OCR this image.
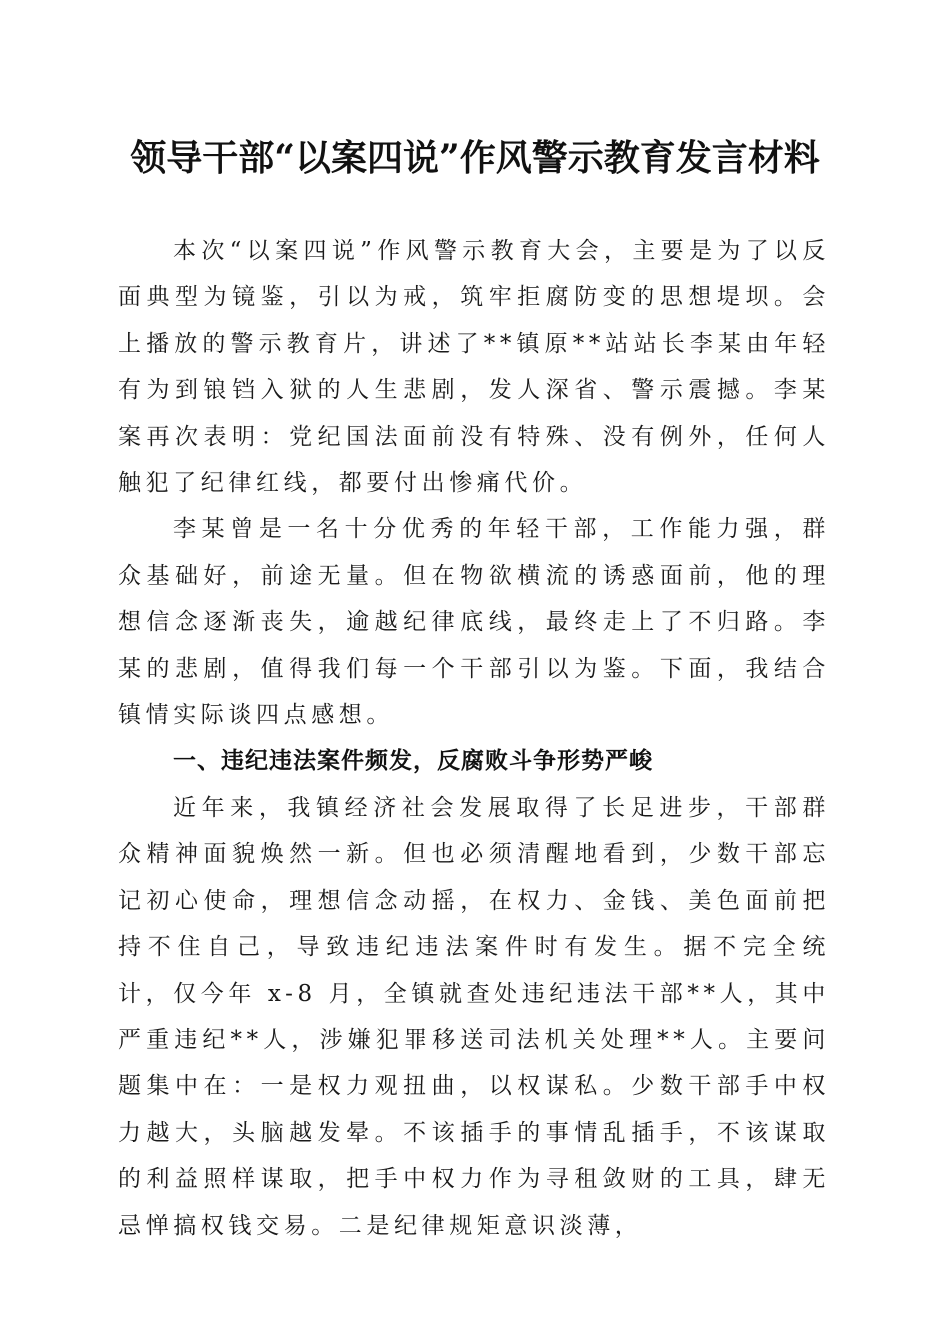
领导干部“以案四说”作风警示教育发言材料

本次“以案四说”作风警示教育大会，主要是为了以反面典型为镜鉴，引以为戒，筑牢拒腐防变的思想堤坝。会上播放的警示教育片，讲述了**镇原**站站长李某由年轻有为到锒铛入狱的人生悲剧，发人深省、警示震撼。李某案再次表明：党纪国法面前没有特殊、没有例外，任何人触犯了纪律红线，都要付出惨痛代价。

李某曾是一名十分优秀的年轻干部，工作能力强，群众基础好，前途无量。但在物欲横流的诱惑面前，他的理想信念逐渐丧失，逾越纪律底线，最终走上了不归路。李某的悲剧，值得我们每一个干部引以为鉴。下面，我结合镇情实际谈四点感想。

一、违纪违法案件频发，反腐败斗争形势严峻

近年来，我镇经济社会发展取得了长足进步，干部群众精神面貌焕然一新。但也必须清醒地看到，少数干部忘记初心使命，理想信念动摇，在权力、金钱、美色面前把持不住自己，导致违纪违法案件时有发生。据不完全统计，仅今年 x-8 月，全镇就查处违纪违法干部**人，其中严重违纪**人，涉嫌犯罪移送司法机关处理**人。主要问题集中在：一是权力观扭曲，以权谋私。少数干部手中权力越大，头脑越发晕。不该插手的事情乱插手，不该谋取的利益照样谋取，把手中权力作为寻租敛财的工具，肆无忌惮搞权钱交易。二是纪律规矩意识淡薄，
